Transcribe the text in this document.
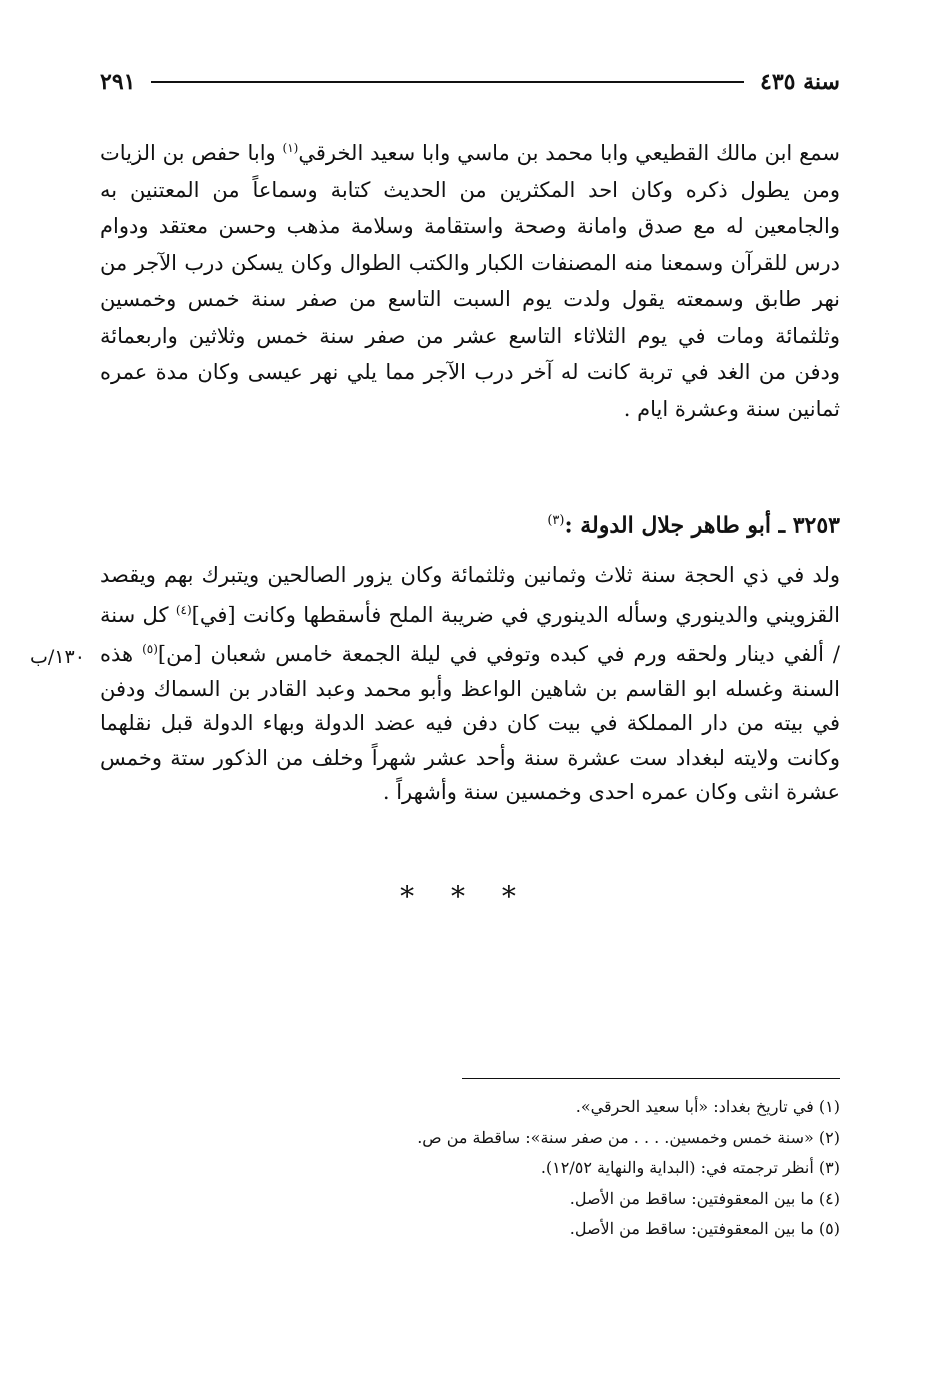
سنة ٤٣٥
٢٩١

سمع ابن مالك القطيعي وابا محمد بن ماسي وابا سعيد الخرقي$^{(١)}$ وابا حفص بن الزيات ومن يطول ذكره وكان احد المكثرين من الحديث كتابة وسماعاً من المعتنين به والجامعين له مع صدق وامانة وصحة واستقامة وسلامة مذهب وحسن معتقد ودوام درس للقرآن وسمعنا منه المصنفات الكبار والكتب الطوال وكان يسكن درب الآجر من نهر طابق وسمعته يقول ولدت يوم السبت التاسع من صفر سنة خمس وخمسين وثلثمائة ومات في يوم الثلاثاء التاسع عشر من صفر سنة خمس وثلاثين واربعمائة ودفن من الغد في تربة كانت له آخر درب الآجر مما يلي نهر عيسى وكان مدة عمره ثمانين سنة وعشرة ايام .

٣٢٥٣ ـ أبو طاهر جلال الدولة :$^{(٣)}$

ولد في ذي الحجة سنة ثلاث وثمانين وثلثمائة وكان يزور الصالحين ويتبرك بهم ويقصد القزويني والدينوري وسأله الدينوري في ضريبة الملح فأسقطها وكانت [في]$^{(٤)}$ كل سنة / ألفي دينار ولحقه ورم في كبده وتوفي في ليلة الجمعة خامس شعبان [من]$^{(٥)}$ هذه السنة وغسله ابو القاسم بن شاهين الواعظ وأبو محمد وعبد القادر بن السماك ودفن في بيته من دار المملكة في بيت كان دفن فيه عضد الدولة وبهاء الدولة قبل نقلهما وكانت ولايته لبغداد ست عشرة سنة وأحد عشر شهراً وخلف من الذكور ستة وخمس عشرة انثى وكان عمره احدى وخمسين سنة وأشهراً .

١٣٠/ب
* * *
(١) في تاريخ بغداد: «أبا سعيد الحرقي».
(٢) «سنة خمس وخمسين. . . . من صفر سنة»: ساقطة من ص.
(٣) أنظر ترجمته في: (البداية والنهاية ١٢/٥٢).
(٤) ما بين المعقوفتين: ساقط من الأصل.
(٥) ما بين المعقوفتين: ساقط من الأصل.
